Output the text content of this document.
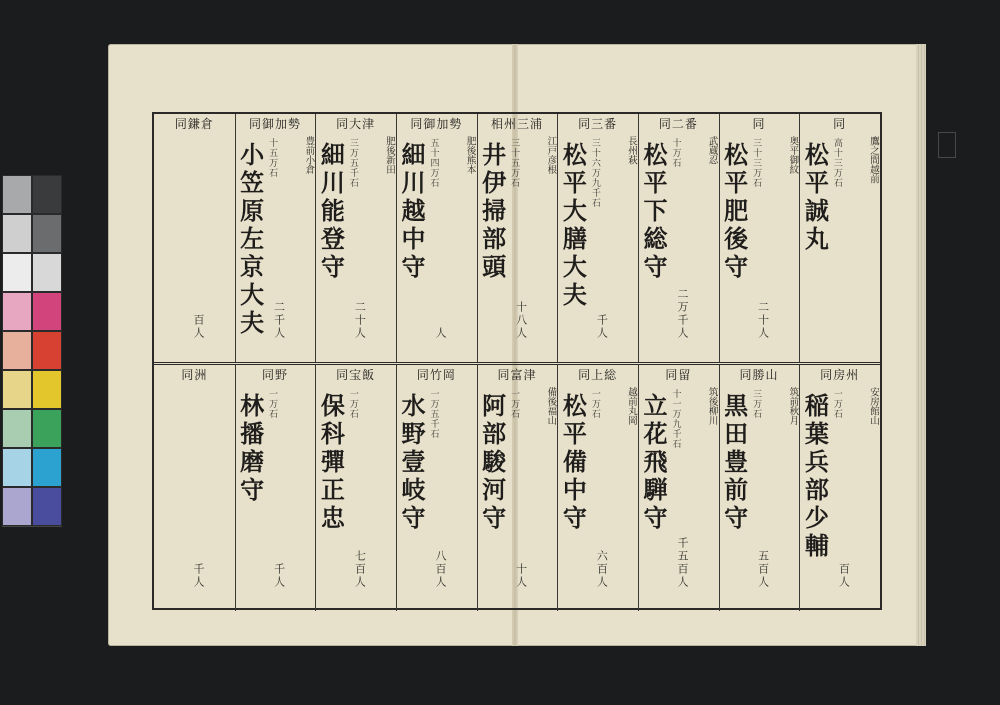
同
鷹之間越前
松平誠丸 高十三万石
同
奥平御紋
松平肥後守 三十三万石
二十人
同二番
武蔵忍
松平下総守 十万石
二万千人
同三番
長州萩
松平大膳大夫 三十六万九千石
千人
相州三浦
江戸彦根
井伊掃部頭 三十五万石
十八人
同御加勢
肥後熊本
細川越中守 五十四万石
人
同大津
肥後新田
細川能登守 三万五千石
二十人
同御加勢
豊前小倉
小笠原左京大夫 十五万石
二千人
同鎌倉
百人
同房州
安房館山
稲葉兵部少輔 一万石
百人
同勝山
筑前秋月
黒田豊前守 三万石
五百人
同留
筑後柳川
立花飛騨守 十一万九千石
千五百人
同上総
越前丸岡
松平備中守 一万石
六百人
同富津
備後福山
阿部駿河守 一万石
十人
同竹岡
水野壹岐守 一万五千石
八百人
同宝飯
保科彈正忠 一万石
七百人
同野
林播磨守 一万石
千人
同洲
千人
